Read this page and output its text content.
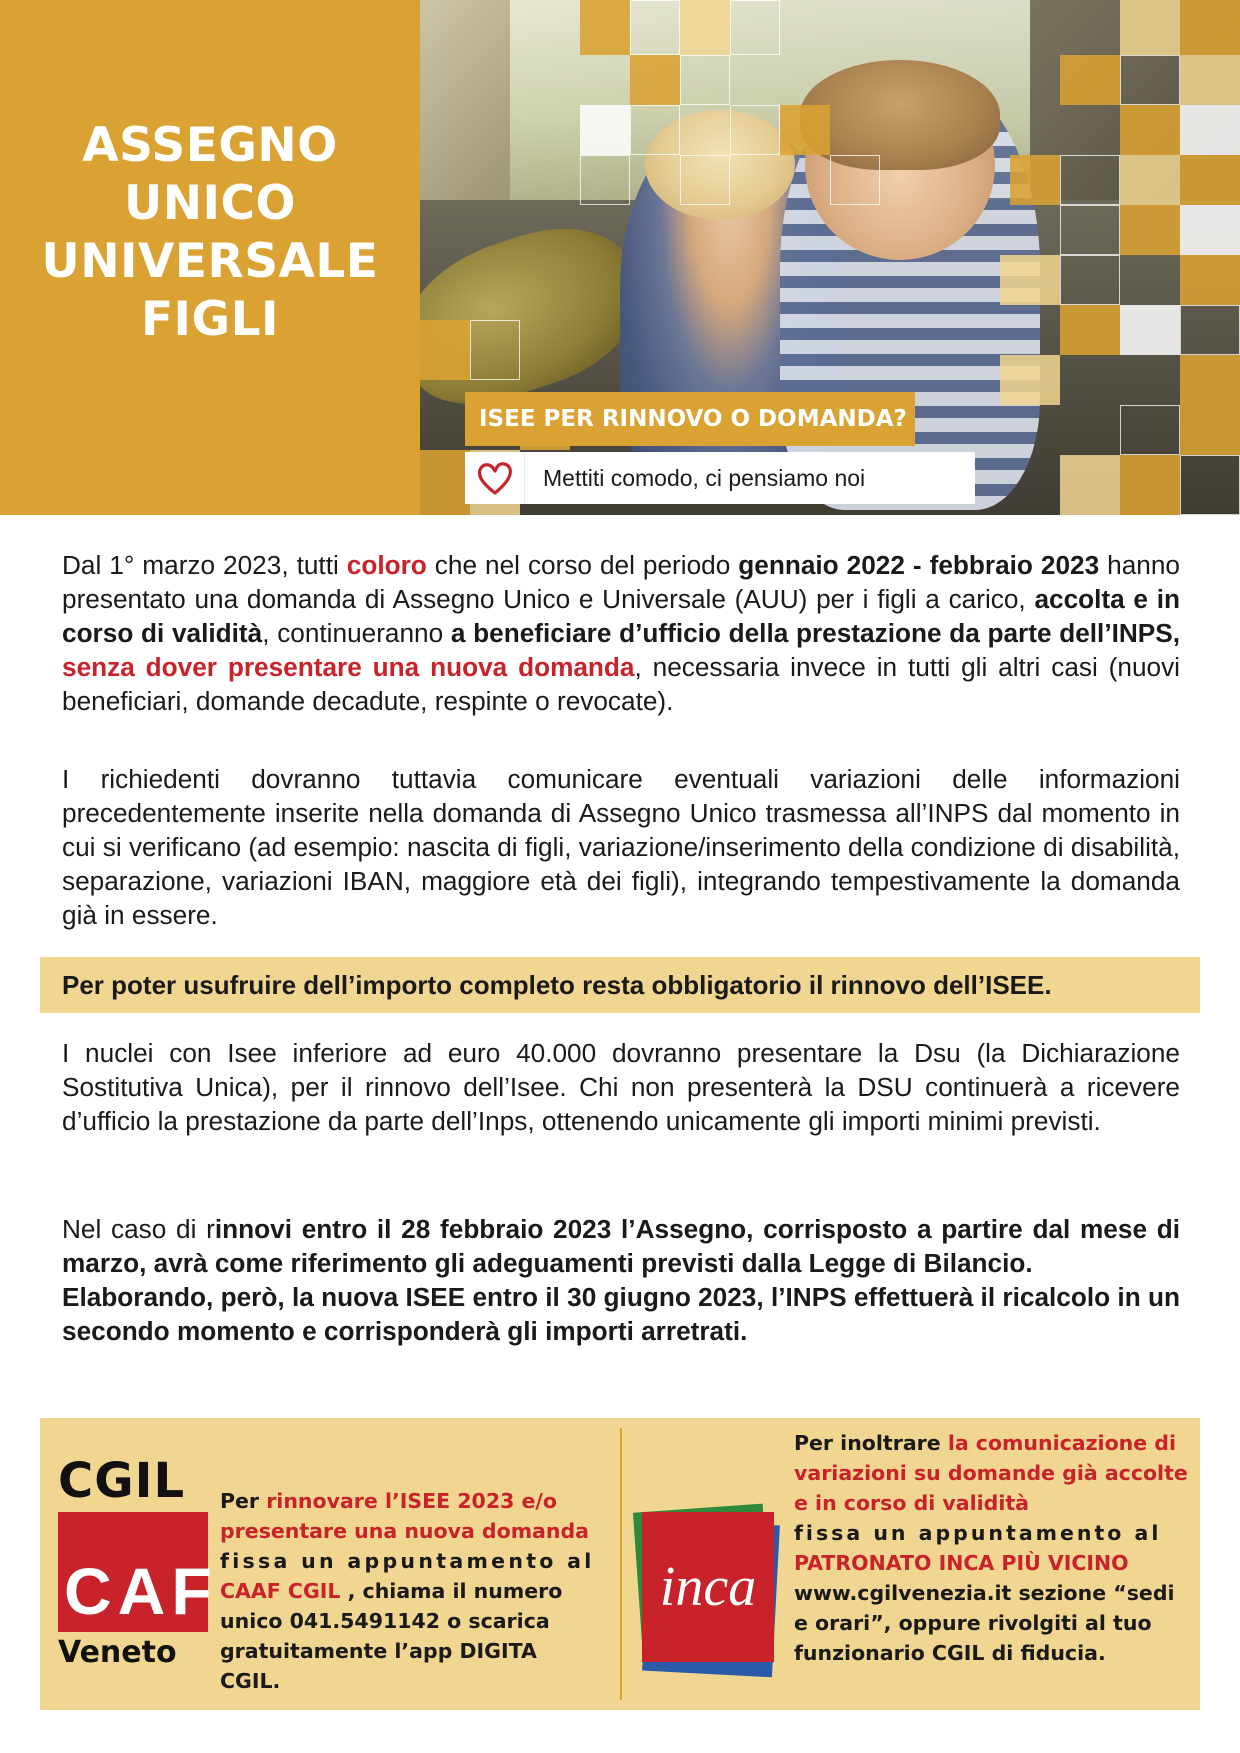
ASSEGNO
UNICO
UNIVERSALE
FIGLI
ISEE PER RINNOVO O DOMANDA?
Mettiti comodo, ci pensiamo noi

Dal 1° marzo 2023, tutti coloro che nel corso del periodo gennaio 2022 - febbraio 2023 hanno presentato una domanda di Assegno Unico e Universale (AUU) per i figli a carico, accolta e in corso di validità, continueranno a beneficiare d’ufficio della prestazione da parte dell’INPS, senza dover presentare una nuova domanda, necessaria invece in tutti gli altri casi (nuovi beneficiari, domande decadute, respinte o revocate).

I richiedenti dovranno tuttavia comunicare eventuali variazioni delle informazioni precedentemente inserite nella domanda di Assegno Unico trasmessa all’INPS dal momento in cui si verificano (ad esempio: nascita di figli, variazione/inserimento della condizione di disabilità, separazione, variazioni IBAN, maggiore età dei figli), integrando tempestivamente la domanda già in essere.

I nuclei con Isee inferiore ad euro 40.000 dovranno presentare la Dsu (la Dichiarazione Sostitutiva Unica), per il rinnovo dell’Isee. Chi non presenterà la DSU continuerà a ricevere d’ufficio la prestazione da parte dell’Inps, ottenendo unicamente gli importi minimi previsti.

Nel caso di rinnovi entro il 28 febbraio 2023 l’Assegno, corrisposto a partire dal mese di marzo, avrà come riferimento gli adeguamenti previsti dalla Legge di Bilancio.
Elaborando, però, la nuova ISEE entro il 30 giugno 2023, l’INPS effettuerà il ricalcolo in un secondo momento e corrisponderà gli importi arretrati.
Per poter usufruire dell’importo completo resta obbligatorio il rinnovo dell’ISEE.
CGIL
CAF
Veneto
Per rinnovare l’ISEE 2023 e/o presentare una nuova domanda
fissa un appuntamento al
CAAF CGIL , chiama il numero unico 041.5491142 o scarica gratuitamente l’app DIGITA CGIL.
inca
Per inoltrare la comunicazione di variazioni su domande già accolte e in corso di validità
fissa un appuntamento al
PATRONATO INCA PIÙ VICINO
www.cgilvenezia.it sezione “sedi e orari”, oppure rivolgiti al tuo funzionario CGIL di fiducia.
